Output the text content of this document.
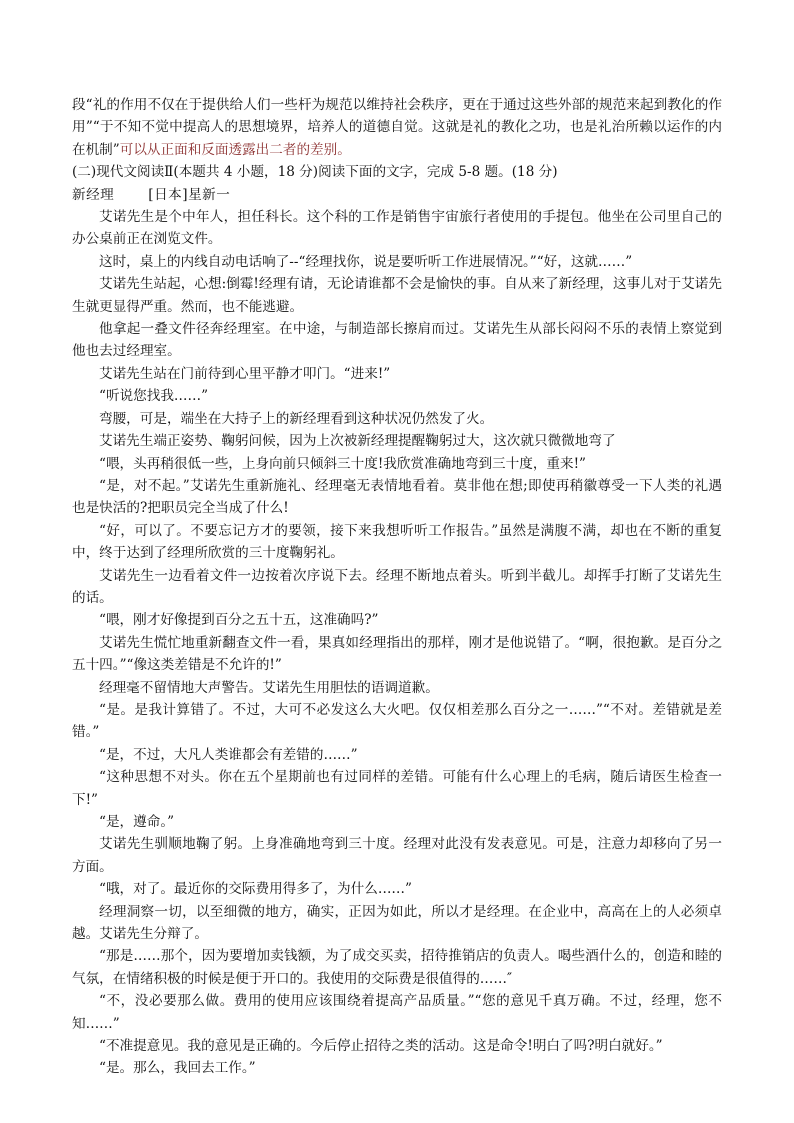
段“礼的作用不仅在于提供给人们一些杆为规范以维持社会秩序，更在于通过这些外部的规范来起到教化的作用”“于不知不觉中提高人的思想境界，培养人的道德自觉。这就是礼的教化之功，也是礼治所赖以运作的内在机制”可以从正面和反面透露出二者的差别。

(二)现代文阅读Ⅱ(本题共 4 小题，18 分)阅读下面的文字，完成 5-8 题。(18 分)

新经理	[日本]星新一

艾诺先生是个中年人，担任科长。这个科的工作是销售宇宙旅行者使用的手提包。他坐在公司里自己的办公桌前正在浏览文件。

这时，桌上的内线自动电话响了--“经理找你，说是要听听工作进展情况。”“好，这就……”

艾诺先生站起，心想:倒霉!经理有请，无论请谁都不会是愉快的事。自从来了新经理，这事儿对于艾诺先生就更显得严重。然而，也不能逃避。

他拿起一叠文件径奔经理室。在中途，与制造部长擦肩而过。艾诺先生从部长闷闷不乐的表情上察觉到他也去过经理室。

艾诺先生站在门前待到心里平静才叩门。“进来!”

“听说您找我……”

弯腰，可是，端坐在大持子上的新经理看到这种状况仍然发了火。

艾诺先生端正姿势、鞠躬问候，因为上次被新经理提醒鞠躬过大，这次就只微微地弯了

“喂，头再稍很低一些，上身向前只倾斜三十度!我欣赏准确地弯到三十度，重来!”

“是，对不起。”艾诺先生重新施礼、经理毫无表情地看着。莫非他在想;即使再稍徽尊受一下人类的礼遇也是快活的?把职员完全当成了什么!

“好，可以了。不要忘记方才的要领，接下来我想听听工作报告。”虽然是满腹不满，却也在不断的重复中，终于达到了经理所欣赏的三十度鞠躬礼。

艾诺先生一边看着文件一边按着次序说下去。经理不断地点着头。听到半截儿。却挥手打断了艾诺先生的话。

“喂，刚才好像提到百分之五十五，这准确吗?”

艾诺先生慌忙地重新翻查文件一看，果真如经理指出的那样，刚才是他说错了。“啊，很抱歉。是百分之五十四。”“像这类差错是不允许的!”

经理毫不留情地大声警告。艾诺先生用胆怯的语调道歉。

“是。是我计算错了。不过，大可不必发这么大火吧。仅仅相差那么百分之一……”“不对。差错就是差错。”

“是，不过，大凡人类谁都会有差错的……”

“这种思想不对头。你在五个星期前也有过同样的差错。可能有什么心理上的毛病，随后请医生检查一下!”

“是，遵命。”

艾诺先生驯顺地鞠了躬。上身准确地弯到三十度。经理对此没有发表意见。可是，注意力却移向了另一方面。

“哦，对了。最近你的交际费用得多了，为什么……”

经理洞察一切，以至细微的地方，确实，正因为如此，所以才是经理。在企业中，高高在上的人必须卓越。艾诺先生分辩了。

“那是……那个，因为要增加卖钱额，为了成交买卖，招待推销店的负责人。喝些酒什么的，创造和睦的气氛，在情绪积极的时候是便于开口的。我使用的交际费是很值得的……″

“不，没必要那么做。费用的使用应该围绕着提高产品质量。”“您的意见千真万确。不过，经理，您不知……”

“不准提意见。我的意见是正确的。今后停止招待之类的活动。这是命令!明白了吗?明白就好。”

“是。那么，我回去工作。”
